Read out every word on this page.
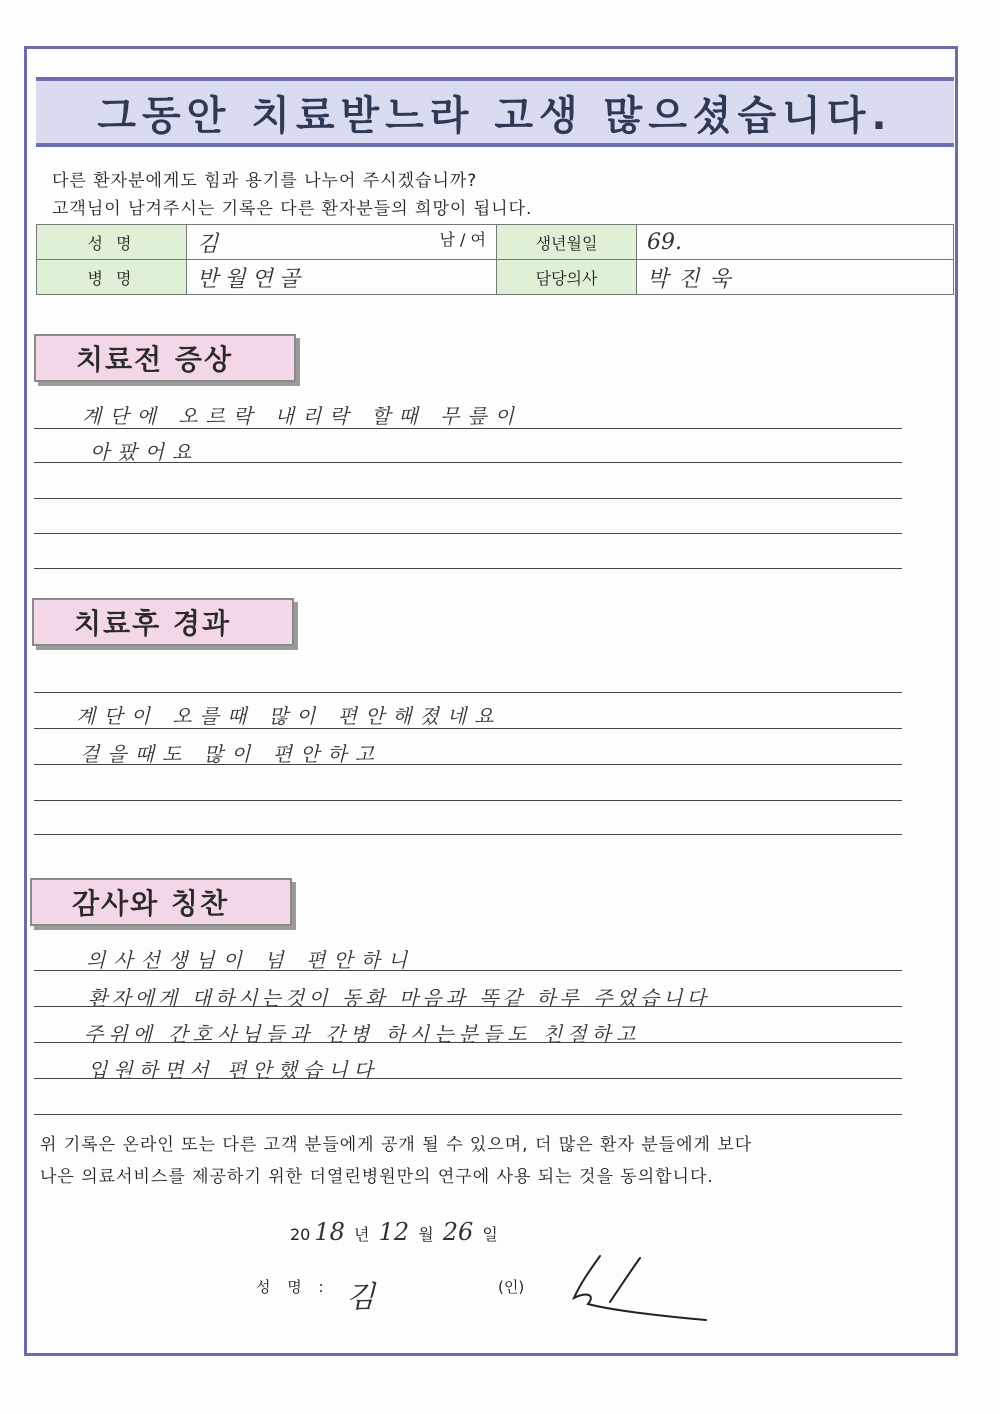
그동안 치료받느라 고생 많으셨습니다.
다른 환자분에게도 힘과 용기를 나누어 주시겠습니까?
고객님이 남겨주시는 기록은 다른 환자분들의 희망이 됩니다.
성 명	김 남 / 여	생년월일	69.
병 명	반월연골	담당의사	박진욱
치료전 증상
계단에 오르락 내리락 할때 무릎이
아팠어요
치료후 경과
계단이 오를때 많이 편안해졌네요
걸을때도 많이 편안하고
감사와 칭찬
의사선생님이 넘 편안하니
환자에게 대하시는것이 동화 마음과 똑같 하루 주었습니다
주위에 간호사님들과 간병 하시는분들도 친절하고
입원하면서 편안했습니다
위 기록은 온라인 또는 다른 고객 분들에게 공개 될 수 있으며, 더 많은 환자 분들에게 보다
나은 의료서비스를 제공하기 위한 더열린병원만의 연구에 사용 되는 것을 동의합니다.
20 18 년 12 월 26 일
성 명 : 김	(인)
